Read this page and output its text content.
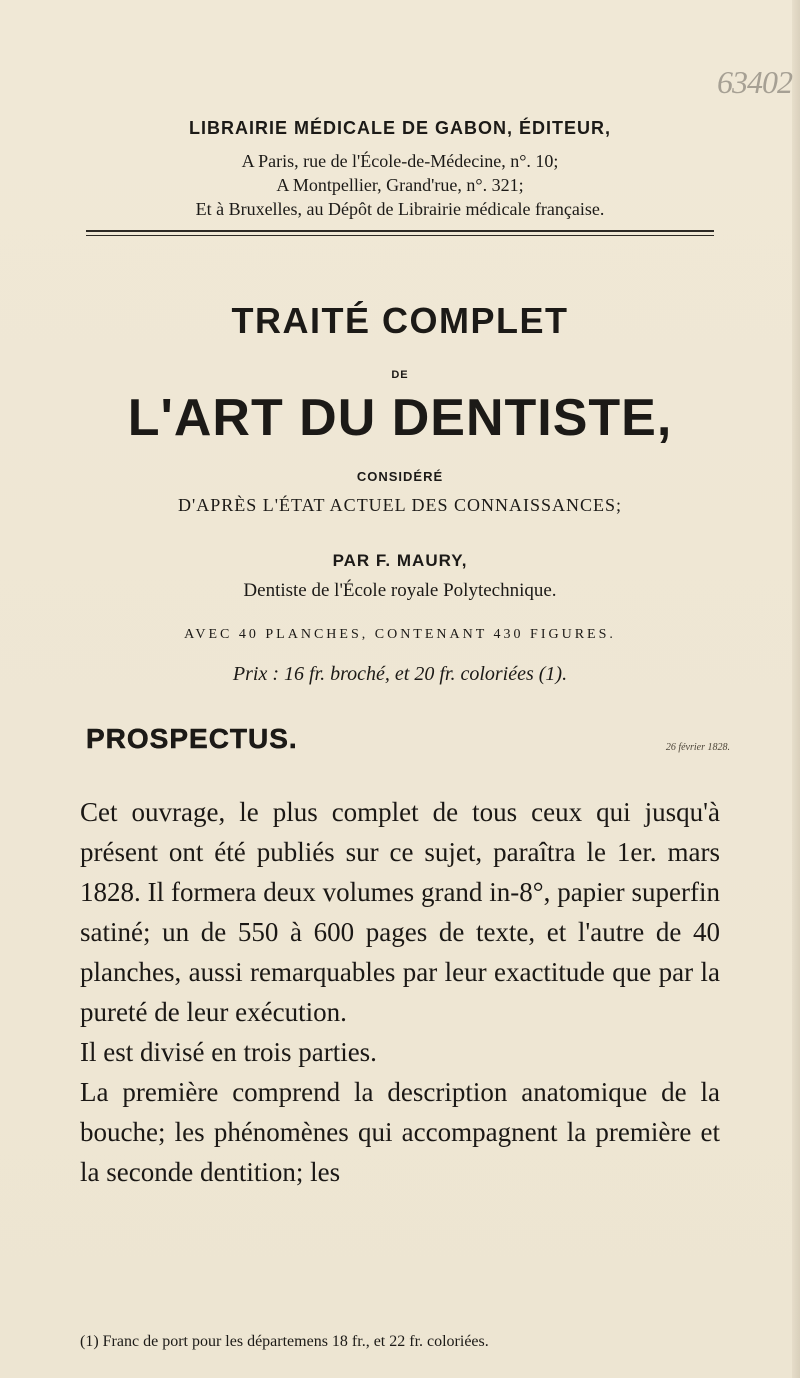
63402

LIBRAIRIE MÉDICALE DE GABON, ÉDITEUR,

A Paris, rue de l'École-de-Médecine, n°. 10;

A Montpellier, Grand'rue, n°. 321;

Et à Bruxelles, au Dépôt de Librairie médicale française.

TRAITÉ COMPLET
DE
L'ART DU DENTISTE,
CONSIDÉRÉ
D'APRÈS L'ÉTAT ACTUEL DES CONNAISSANCES;
PAR F. MAURY,
Dentiste de l'École royale Polytechnique.
AVEC 40 PLANCHES, CONTENANT 430 FIGURES.
Prix : 16 fr. broché, et 20 fr. coloriées (1).
PROSPECTUS.	26 février 1828.

Cet ouvrage, le plus complet de tous ceux qui jusqu'à présent ont été publiés sur ce sujet, paraîtra le 1er. mars 1828. Il formera deux volumes grand in-8°, papier superfin satiné; un de 550 à 600 pages de texte, et l'autre de 40 planches, aussi remarquables par leur exactitude que par la pureté de leur exécution.

Il est divisé en trois parties.

La première comprend la description anatomique de la bouche; les phénomènes qui accompagnent la première et la seconde dentition; les

(1) Franc de port pour les départemens 18 fr., et 22 fr. coloriées.
